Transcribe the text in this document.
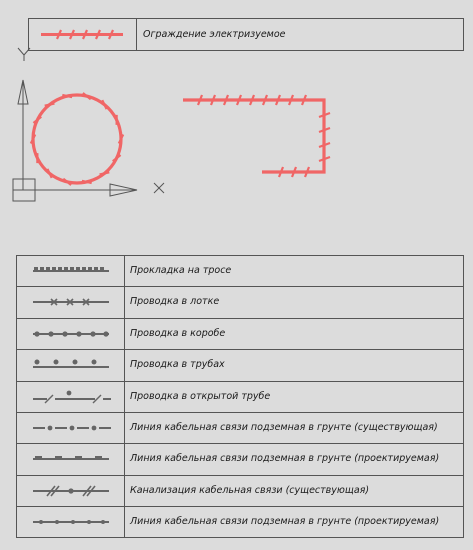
Ограждение электризуемое
Прокладка на тросе
Проводка в лотке
Проводка в коробе
Проводка в трубах
Проводка в открытой трубе
Линия кабельная связи подземная в грунте (существующая)
Линия кабельная связи подземная в грунте (проектируемая)
Канализация кабельная связи (существующая)
Линия кабельная связи подземная в грунте (проектируемая)
